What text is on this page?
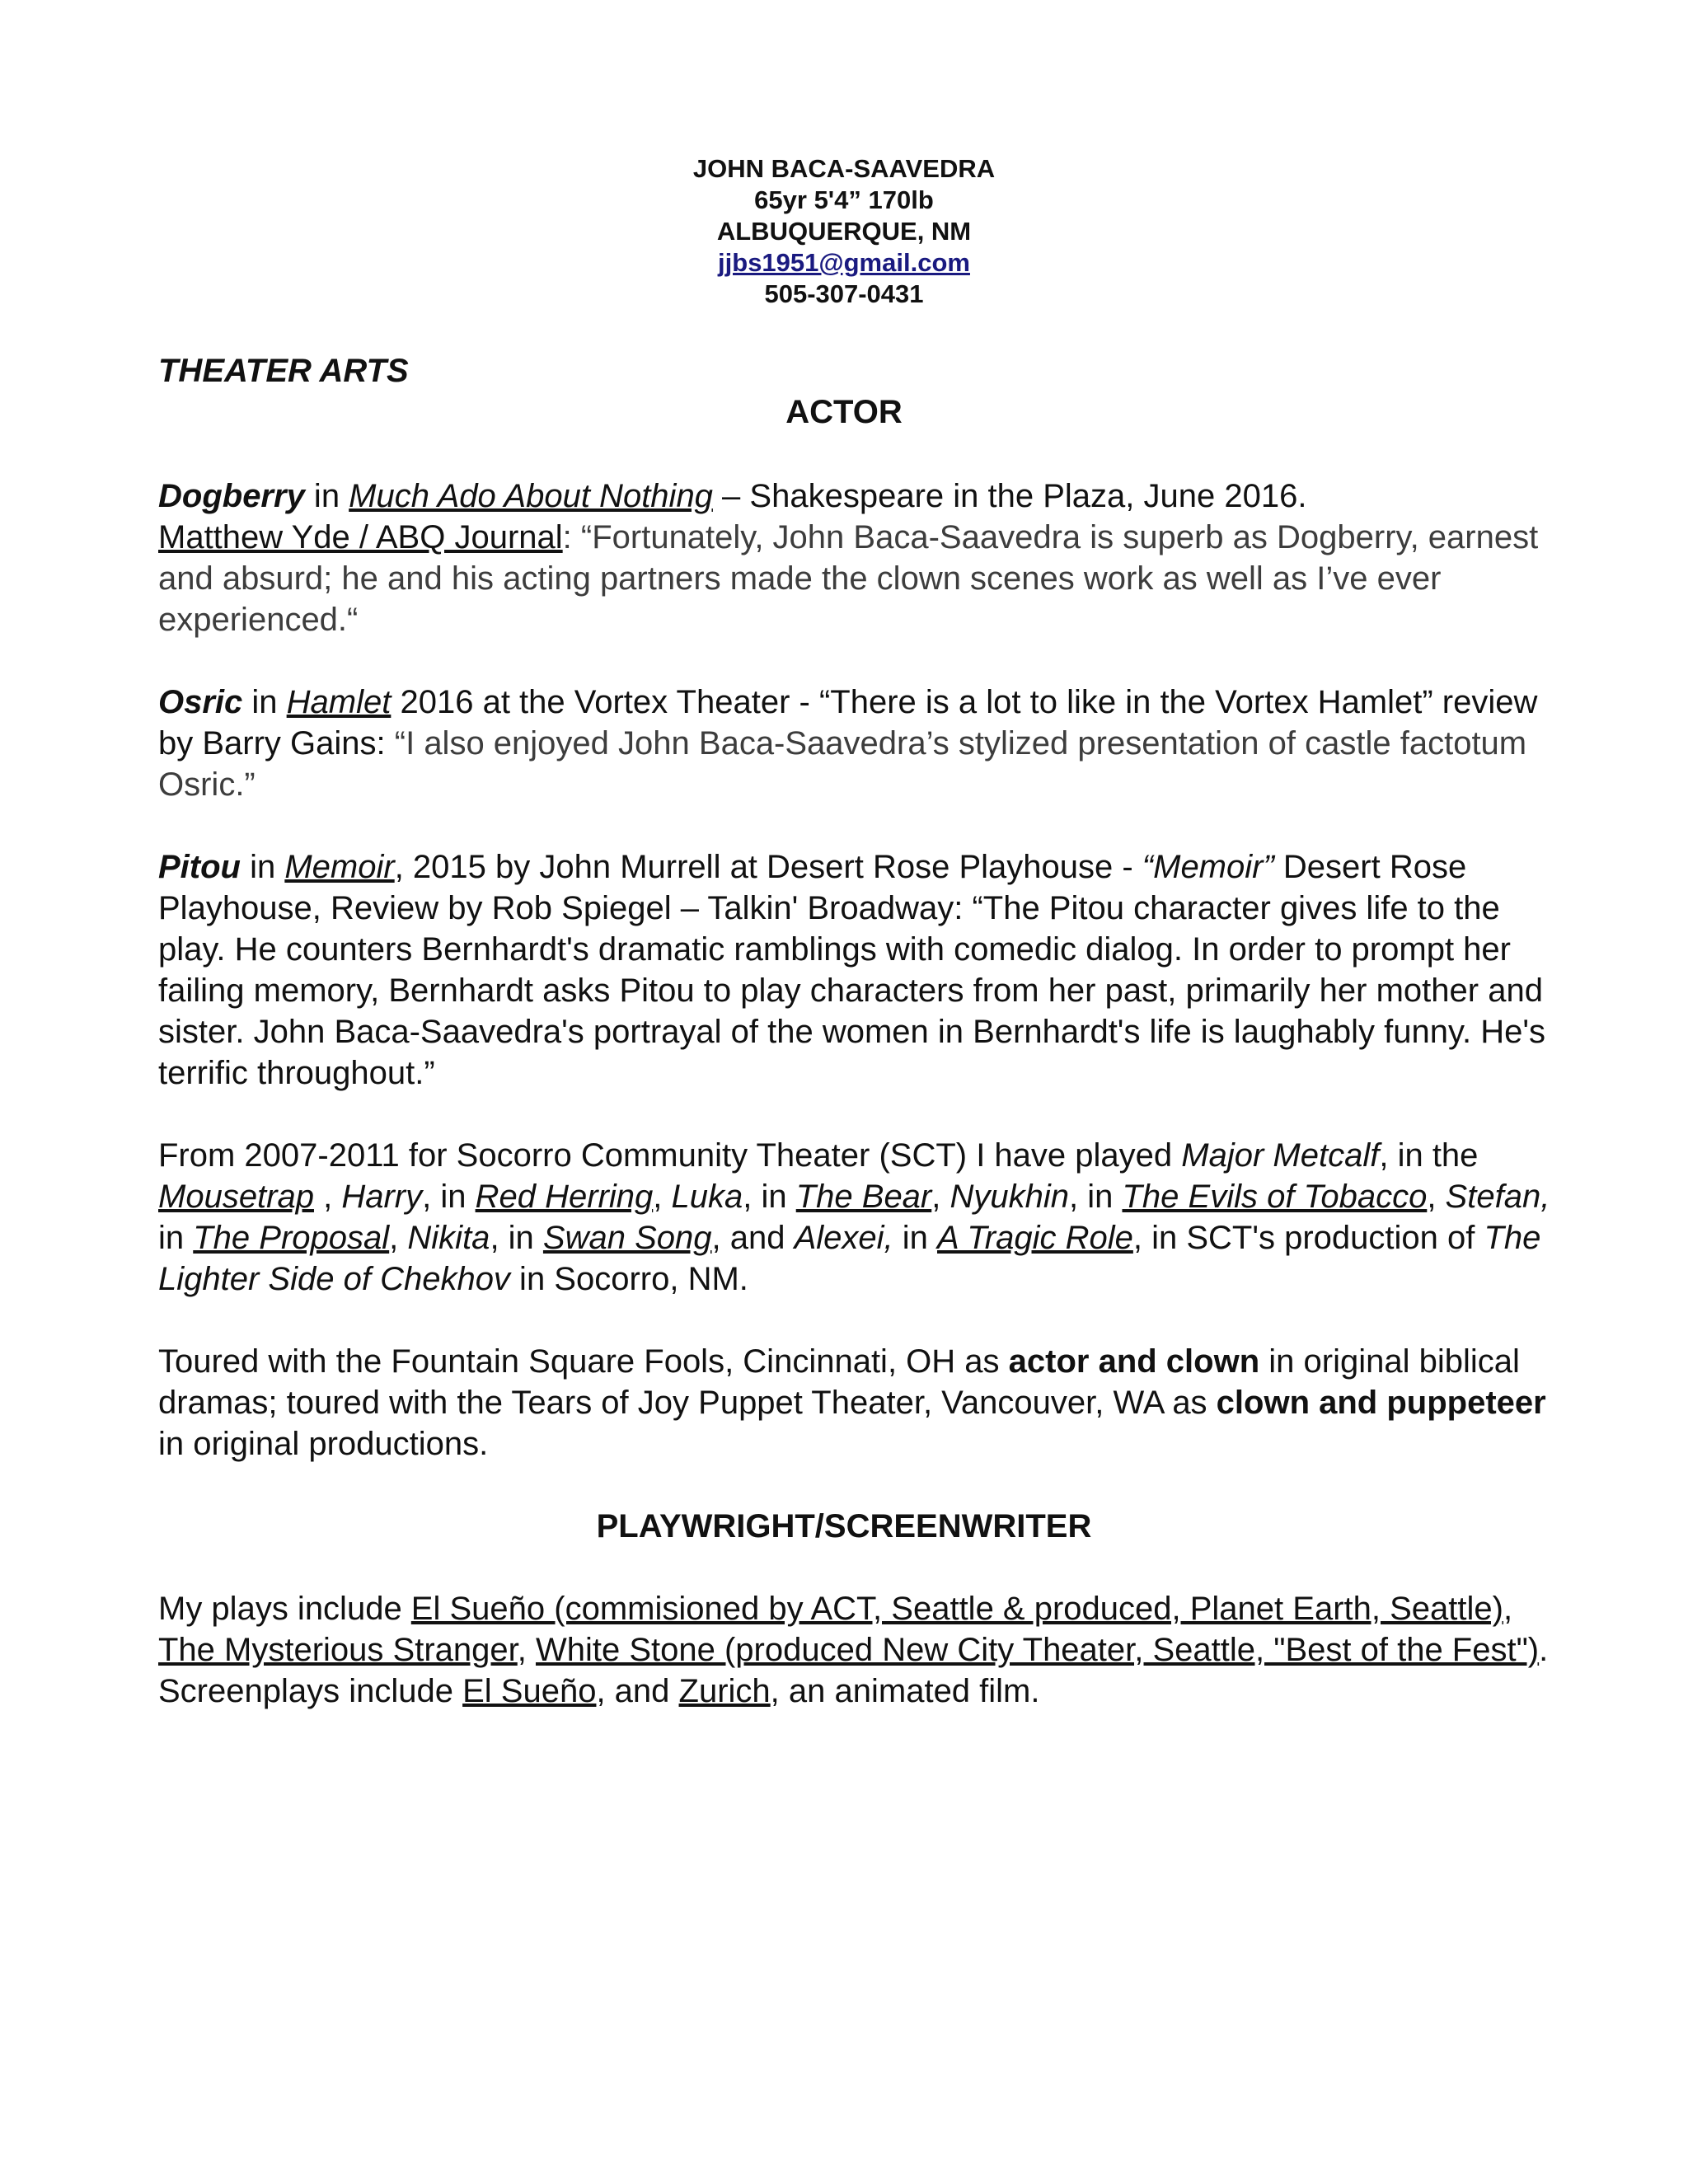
JOHN BACA-SAAVEDRA
65yr 5'4” 170lb
ALBUQUERQUE, NM
jjbs1951@gmail.com
505-307-0431
THEATER ARTS
ACTOR
Dogberry in Much Ado About Nothing – Shakespeare in the Plaza, June 2016.
Matthew Yde / ABQ Journal: “Fortunately, John Baca-Saavedra is superb as Dogberry, earnest and absurd; he and his acting partners made the clown scenes work as well as I’ve ever experienced.“
Osric in Hamlet 2016 at the Vortex Theater - “There is a lot to like in the Vortex Hamlet” review by Barry Gains: “I also enjoyed John Baca-Saavedra’s stylized presentation of castle factotum Osric.”
Pitou in Memoir, 2015 by John Murrell at Desert Rose Playhouse - “Memoir” Desert Rose Playhouse, Review by Rob Spiegel – Talkin' Broadway: “The Pitou character gives life to the play. He counters Bernhardt's dramatic ramblings with comedic dialog. In order to prompt her failing memory, Bernhardt asks Pitou to play characters from her past, primarily her mother and sister. John Baca-Saavedra's portrayal of the women in Bernhardt's life is laughably funny. He's terrific throughout.”
From 2007-2011 for Socorro Community Theater (SCT) I have played Major Metcalf, in the Mousetrap , Harry, in Red Herring, Luka, in The Bear, Nyukhin, in The Evils of Tobacco, Stefan, in The Proposal, Nikita, in Swan Song, and Alexei, in A Tragic Role, in SCT's production of The Lighter Side of Chekhov in Socorro, NM.
Toured with the Fountain Square Fools, Cincinnati, OH as actor and clown in original biblical dramas; toured with the Tears of Joy Puppet Theater, Vancouver, WA as clown and puppeteer in original productions.
PLAYWRIGHT/SCREENWRITER
My plays include El Sueño (commisioned by ACT, Seattle & produced, Planet Earth, Seattle), The Mysterious Stranger, White Stone (produced New City Theater, Seattle, "Best of the Fest"). Screenplays include El Sueño, and Zurich, an animated film.
